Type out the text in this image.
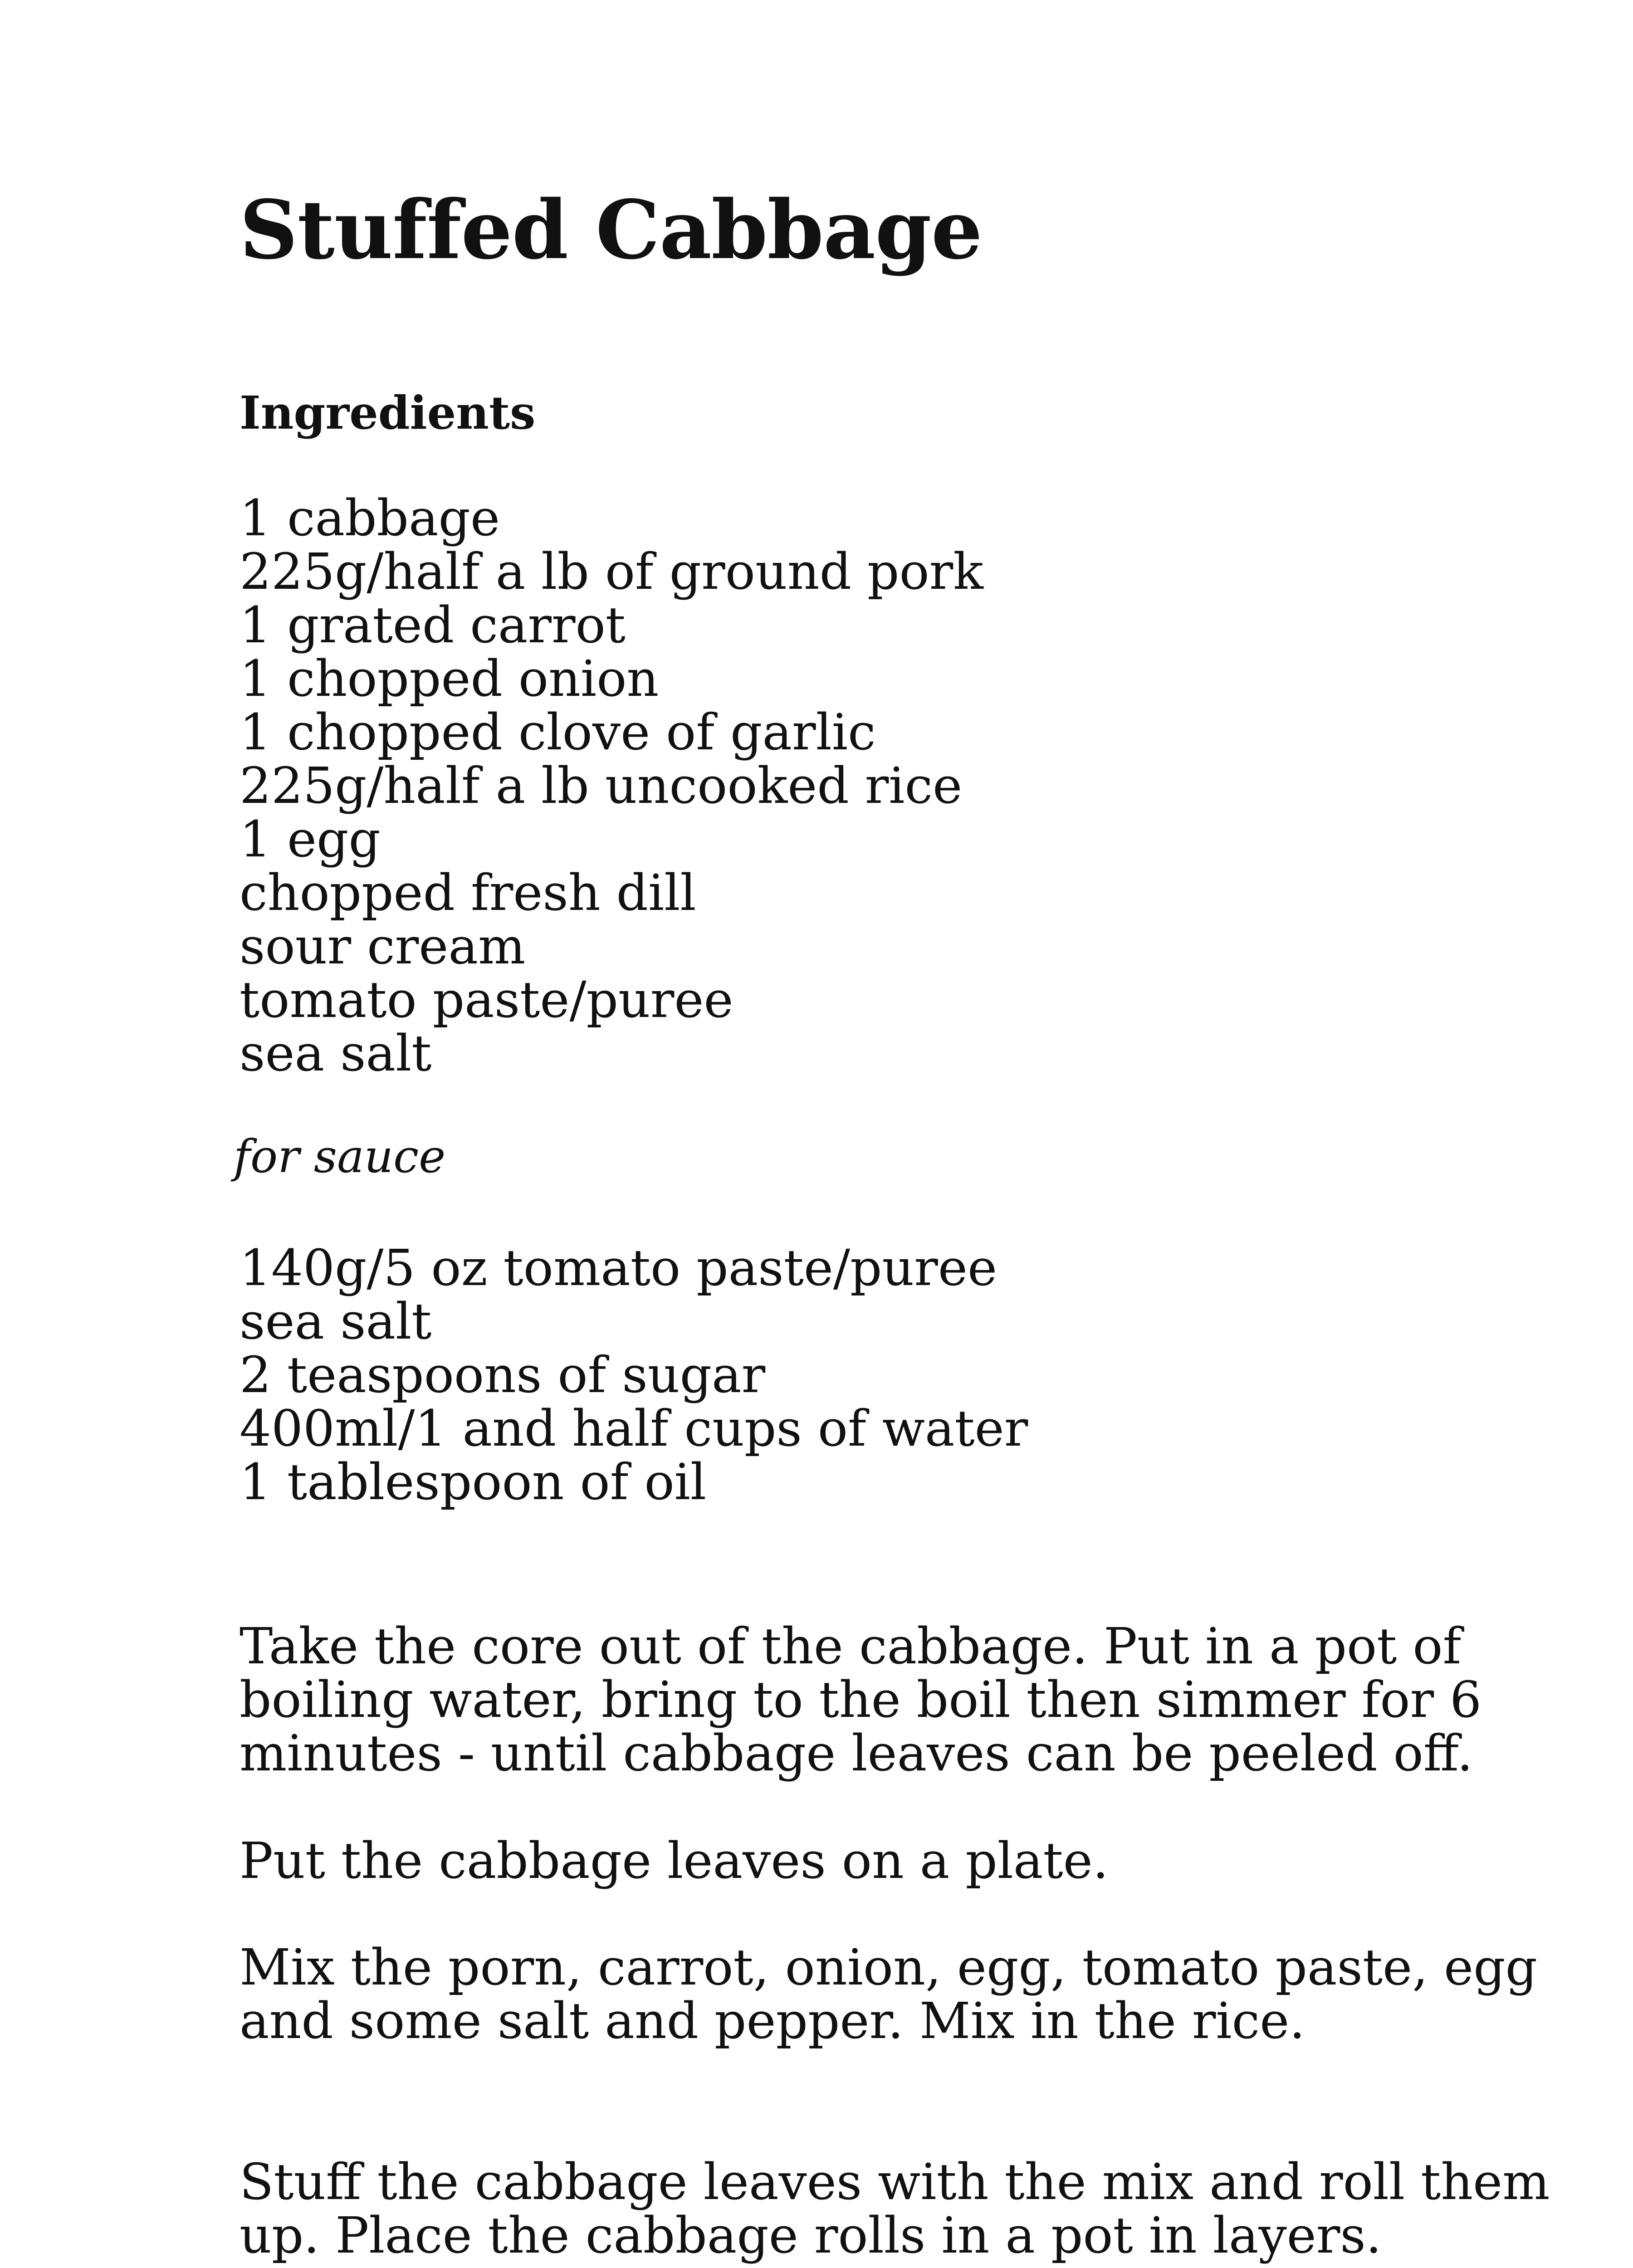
Stuffed Cabbage
Ingredients
1 cabbage
225g/half a lb of ground pork
1 grated carrot
1 chopped onion
1 chopped clove of garlic
225g/half a lb uncooked rice
1 egg
chopped fresh dill
sour cream
tomato paste/puree
sea salt

for sauce

140g/5 oz tomato paste/puree
sea salt
2 teaspoons of sugar
400ml/1 and half cups of water
1 tablespoon of oil

Take the core out of the cabbage. Put in a pot of
boiling water, bring to the boil then simmer for 6
minutes - until cabbage leaves can be peeled off.

Put the cabbage leaves on a plate.

Mix the porn, carrot, onion, egg, tomato paste, egg
and some salt and pepper. Mix in the rice.

Stuff the cabbage leaves with the mix and roll them
up. Place the cabbage rolls in a pot in layers.
